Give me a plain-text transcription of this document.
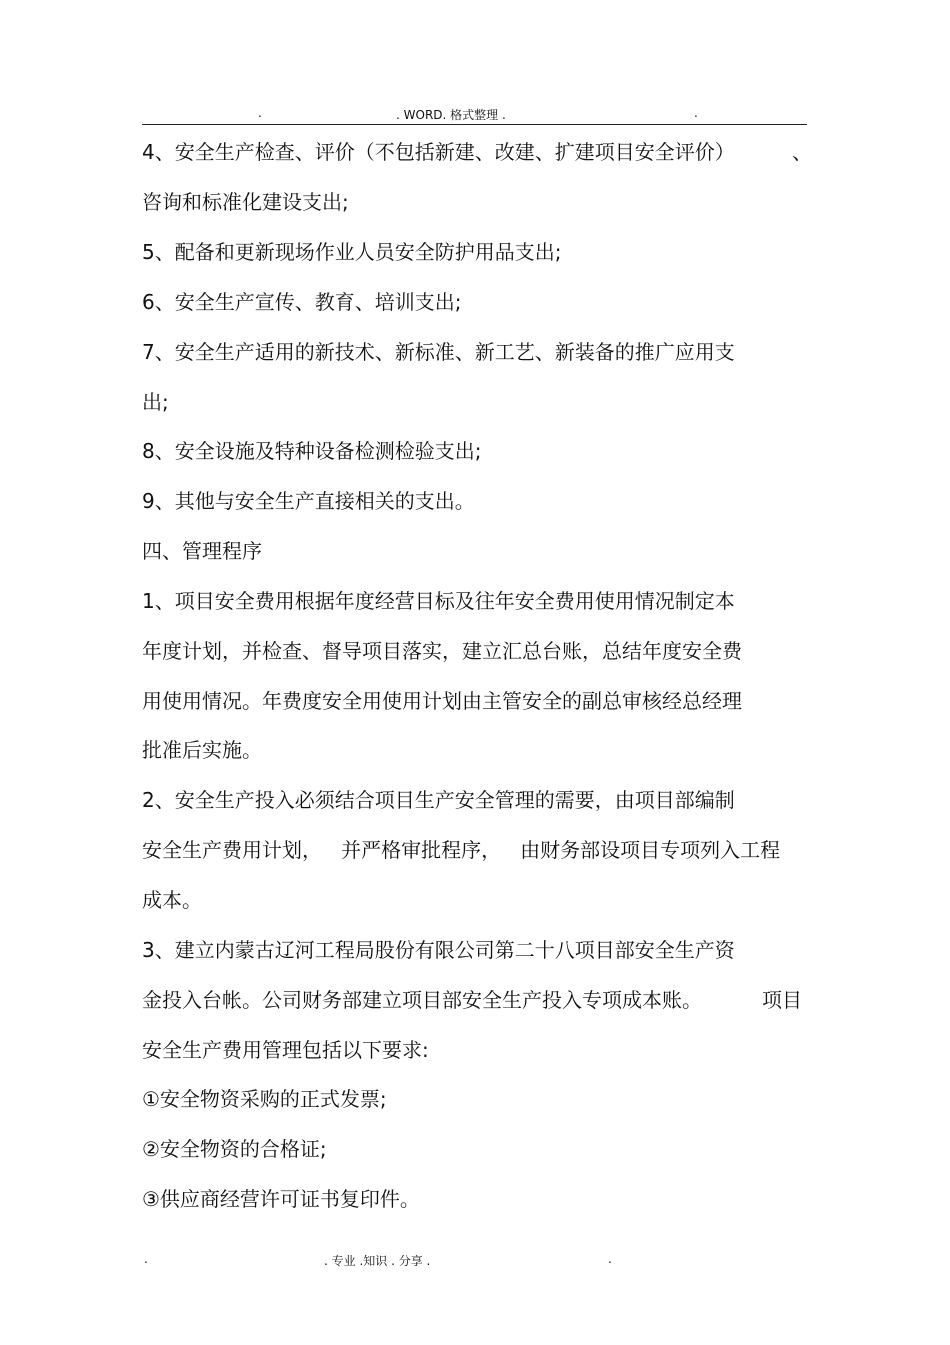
.	. WORD. 格式整理 .	.
4、安全生产检查、评价（不包括新建、改建、扩建项目安全评价）	、
咨询和标准化建设支出;
5、配备和更新现场作业人员安全防护用品支出;
6、安全生产宣传、教育、培训支出;
7、安全生产适用的新技术、新标准、新工艺、新装备的推广应用支
出;
8、安全设施及特种设备检测检验支出;
9、其他与安全生产直接相关的支出。
四、管理程序
1、项目安全费用根据年度经营目标及往年安全费用使用情况制定本
年度计划，并检查、督导项目落实，建立汇总台账，总结年度安全费
用使用情况。年费度安全用使用计划由主管安全的副总审核经总经理
批准后实施。
2、安全生产投入必须结合项目生产安全管理的需要，由项目部编制
安全生产费用计划，   并严格审批程序，   由财务部设项目专项列入工程
成本。
3、建立内蒙古辽河工程局股份有限公司第二十八项目部安全生产资
金投入台帐。公司财务部建立项目部安全生产投入专项成本账。	项目
安全生产费用管理包括以下要求:
①安全物资采购的正式发票;
②安全物资的合格证;
③供应商经营许可证书复印件。
.	. 专业 .知识 . 分享 .	.
